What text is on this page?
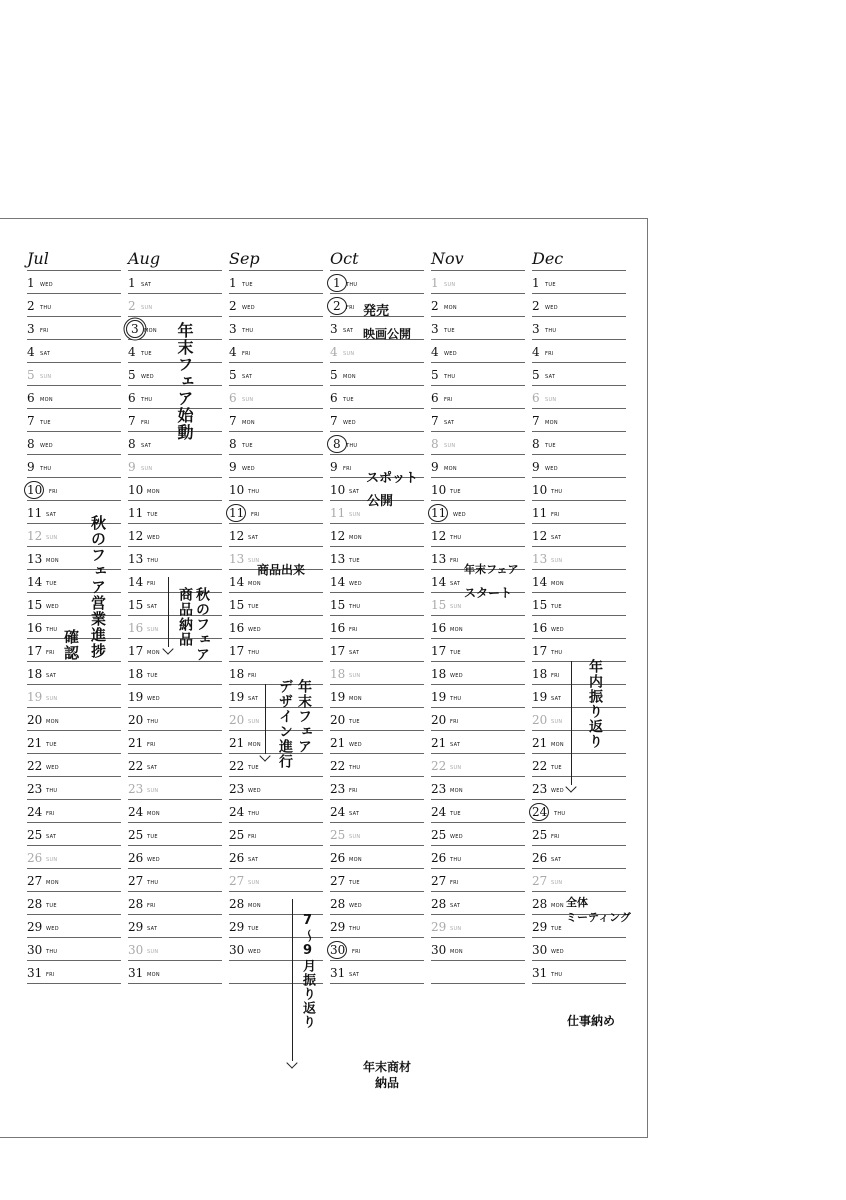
Jul
1 WED
2 THU
3 FRI
4 SAT
5 SUN
6 MON
7 TUE
8 WED
9 THU
10 FRI
11 SAT
12 SUN
13 MON
14 TUE
15 WED
16 THU
17 FRI
18 SAT
19 SUN
20 MON
21 TUE
22 WED
23 THU
24 FRI
25 SAT
26 SUN
27 MON
28 TUE
29 WED
30 THU
31 FRI
Aug
1 SAT
2 SUN
3 MON
4 TUE
5 WED
6 THU
7 FRI
8 SAT
9 SUN
10 MON
11 TUE
12 WED
13 THU
14 FRI
15 SAT
16 SUN
17 MON
18 TUE
19 WED
20 THU
21 FRI
22 SAT
23 SUN
24 MON
25 TUE
26 WED
27 THU
28 FRI
29 SAT
30 SUN
31 MON
Sep
1 TUE
2 WED
3 THU
4 FRI
5 SAT
6 SUN
7 MON
8 TUE
9 WED
10 THU
11 FRI
12 SAT
13 SUN
14 MON
15 TUE
16 WED
17 THU
18 FRI
19 SAT
20 SUN
21 MON
22 TUE
23 WED
24 THU
25 FRI
26 SAT
27 SUN
28 MON
29 TUE
30 WED
Oct
1 THU
2 FRI
3 SAT
4 SUN
5 MON
6 TUE
7 WED
8 THU
9 FRI
10 SAT
11 SUN
12 MON
13 TUE
14 WED
15 THU
16 FRI
17 SAT
18 SUN
19 MON
20 TUE
21 WED
22 THU
23 FRI
24 SAT
25 SUN
26 MON
27 TUE
28 WED
29 THU
30 FRI
31 SAT
Nov
1 SUN
2 MON
3 TUE
4 WED
5 THU
6 FRI
7 SAT
8 SUN
9 MON
10 TUE
11 WED
12 THU
13 FRI
14 SAT
15 SUN
16 MON
17 TUE
18 WED
19 THU
20 FRI
21 SAT
22 SUN
23 MON
24 TUE
25 WED
26 THU
27 FRI
28 SAT
29 SUN
30 MON
Dec
1 TUE
2 WED
3 THU
4 FRI
5 SAT
6 SUN
7 MON
8 TUE
9 WED
10 THU
11 FRI
12 SAT
13 SUN
14 MON
15 TUE
16 WED
17 THU
18 FRI
19 SAT
20 SUN
21 MON
22 TUE
23 WED
24 THU
25 FRI
26 SAT
27 SUN
28 MON
29 TUE
30 WED
31 THU
発売
映画公開
スポット
公開
商品出来	年末フェア
スタート
年末商材
納品
全体
ミーティング
仕事納め
秋のフェア営業進捗
確認
年末フェア始動
秋のフェア
商品納品
年末フェア
デザイン進行
7〜9月振り返り
年内振り返り
